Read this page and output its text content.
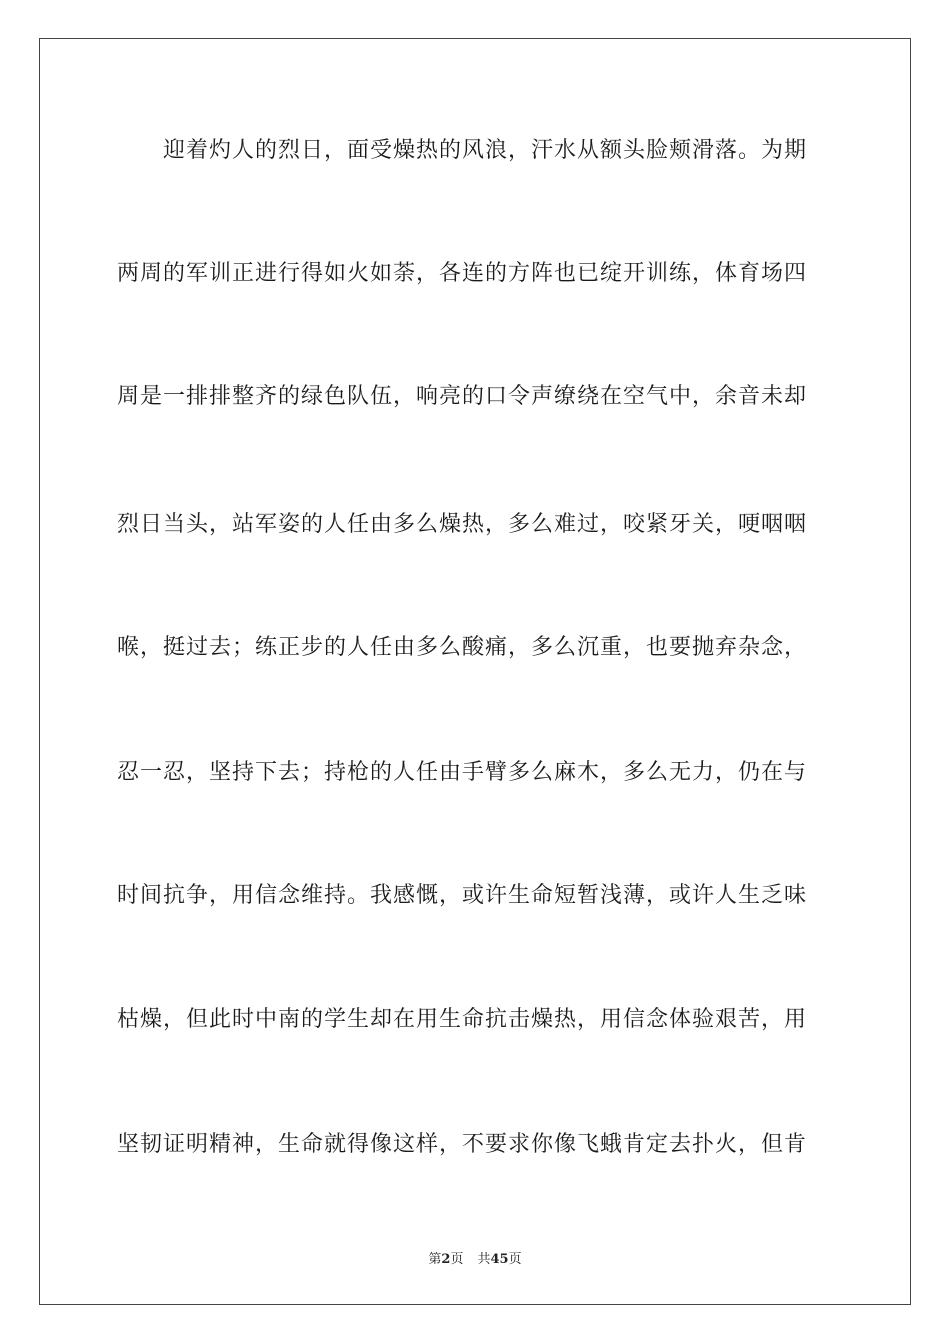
迎着灼人的烈日，面受燥热的风浪，汗水从额头脸颊滑落。为期
两周的军训正进行得如火如荼，各连的方阵也已绽开训练，体育场四
周是一排排整齐的绿色队伍，响亮的口令声缭绕在空气中，余音未却
烈日当头，站军姿的人任由多么燥热，多么难过，咬紧牙关，哽咽咽
喉，挺过去；练正步的人任由多么酸痛，多么沉重，也要抛弃杂念，
忍一忍，坚持下去；持枪的人任由手臂多么麻木，多么无力，仍在与
时间抗争，用信念维持。我感慨，或许生命短暂浅薄，或许人生乏味
枯燥，但此时中南的学生却在用生命抗击燥热，用信念体验艰苦，用
坚韧证明精神，生命就得像这样，不要求你像飞蛾肯定去扑火，但肯
第2页 共45页
